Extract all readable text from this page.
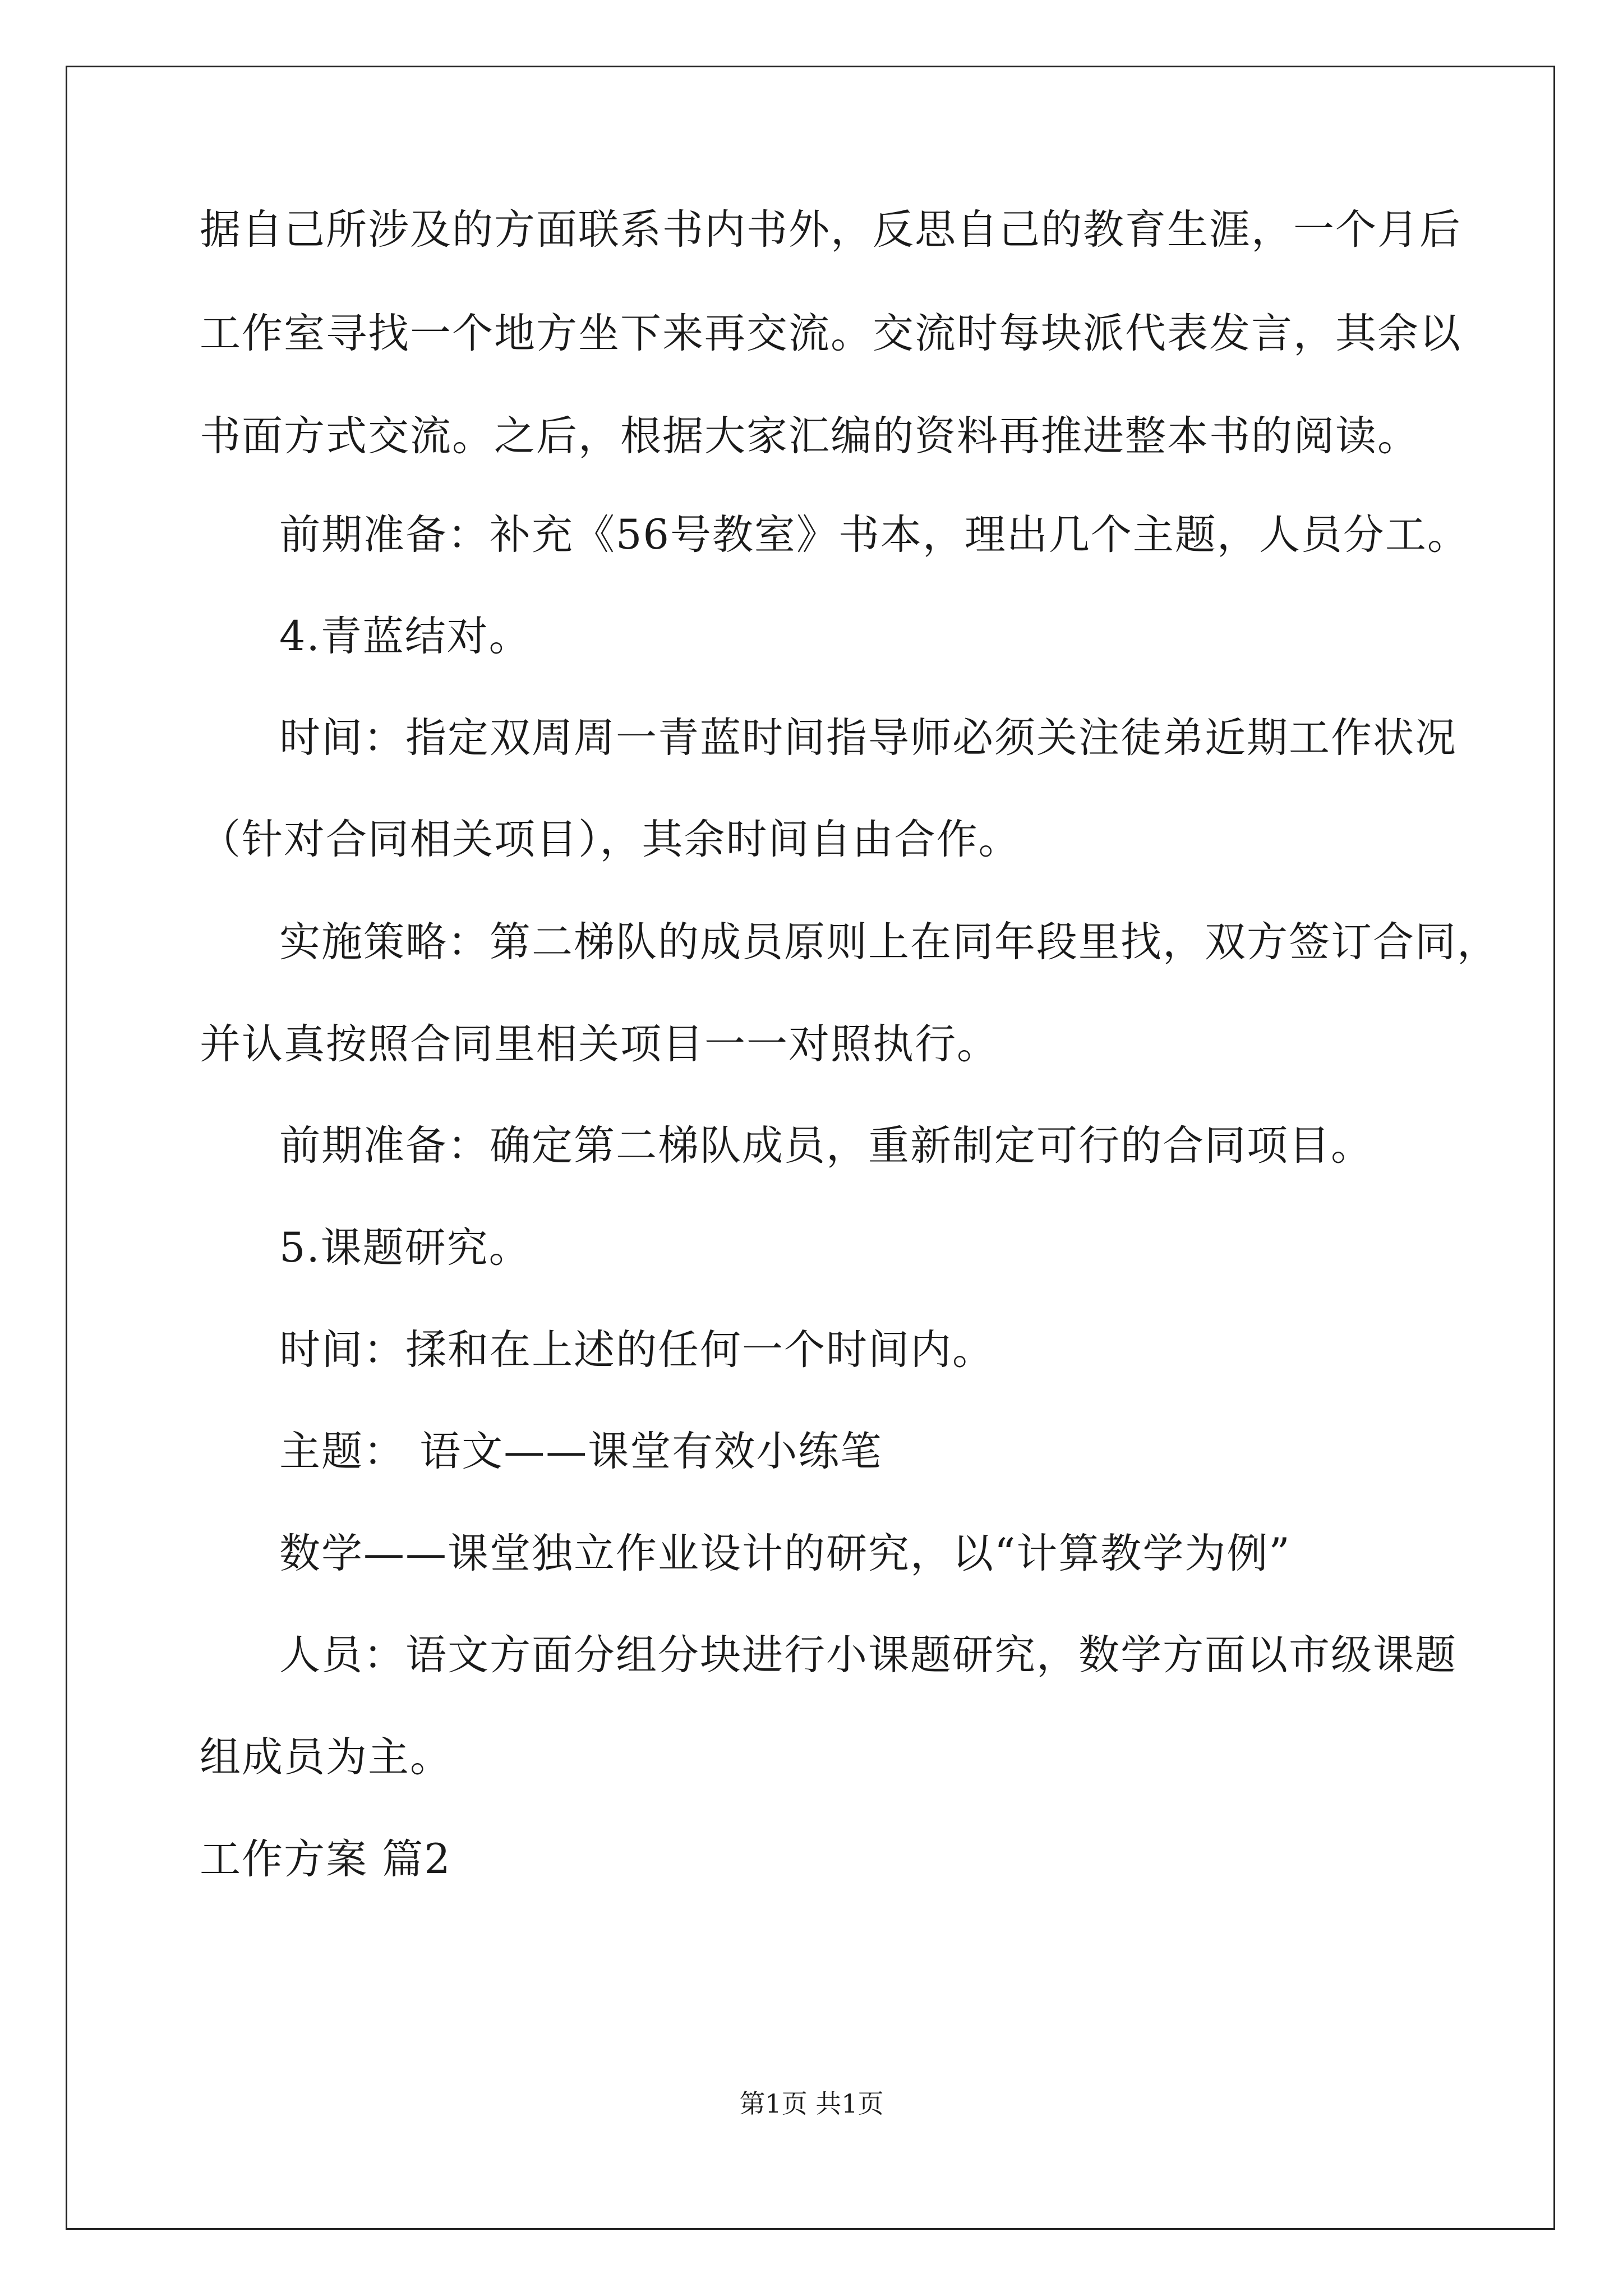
据自己所涉及的方面联系书内书外，反思自己的教育生涯，一个月后
工作室寻找一个地方坐下来再交流。交流时每块派代表发言，其余以
书面方式交流。之后，根据大家汇编的资料再推进整本书的阅读。
前期准备：补充《56号教室》书本，理出几个主题，人员分工。
4.青蓝结对。
时间：指定双周周一青蓝时间指导师必须关注徒弟近期工作状况
（针对合同相关项目），其余时间自由合作。
实施策略：第二梯队的成员原则上在同年段里找，双方签订合同，
并认真按照合同里相关项目一一对照执行。
前期准备：确定第二梯队成员，重新制定可行的合同项目。
5.课题研究。
时间：揉和在上述的任何一个时间内。
主题： 语文——课堂有效小练笔
数学——课堂独立作业设计的研究，以“计算教学为例”
人员：语文方面分组分块进行小课题研究，数学方面以市级课题
组成员为主。
工作方案 篇2
第1页 共1页
